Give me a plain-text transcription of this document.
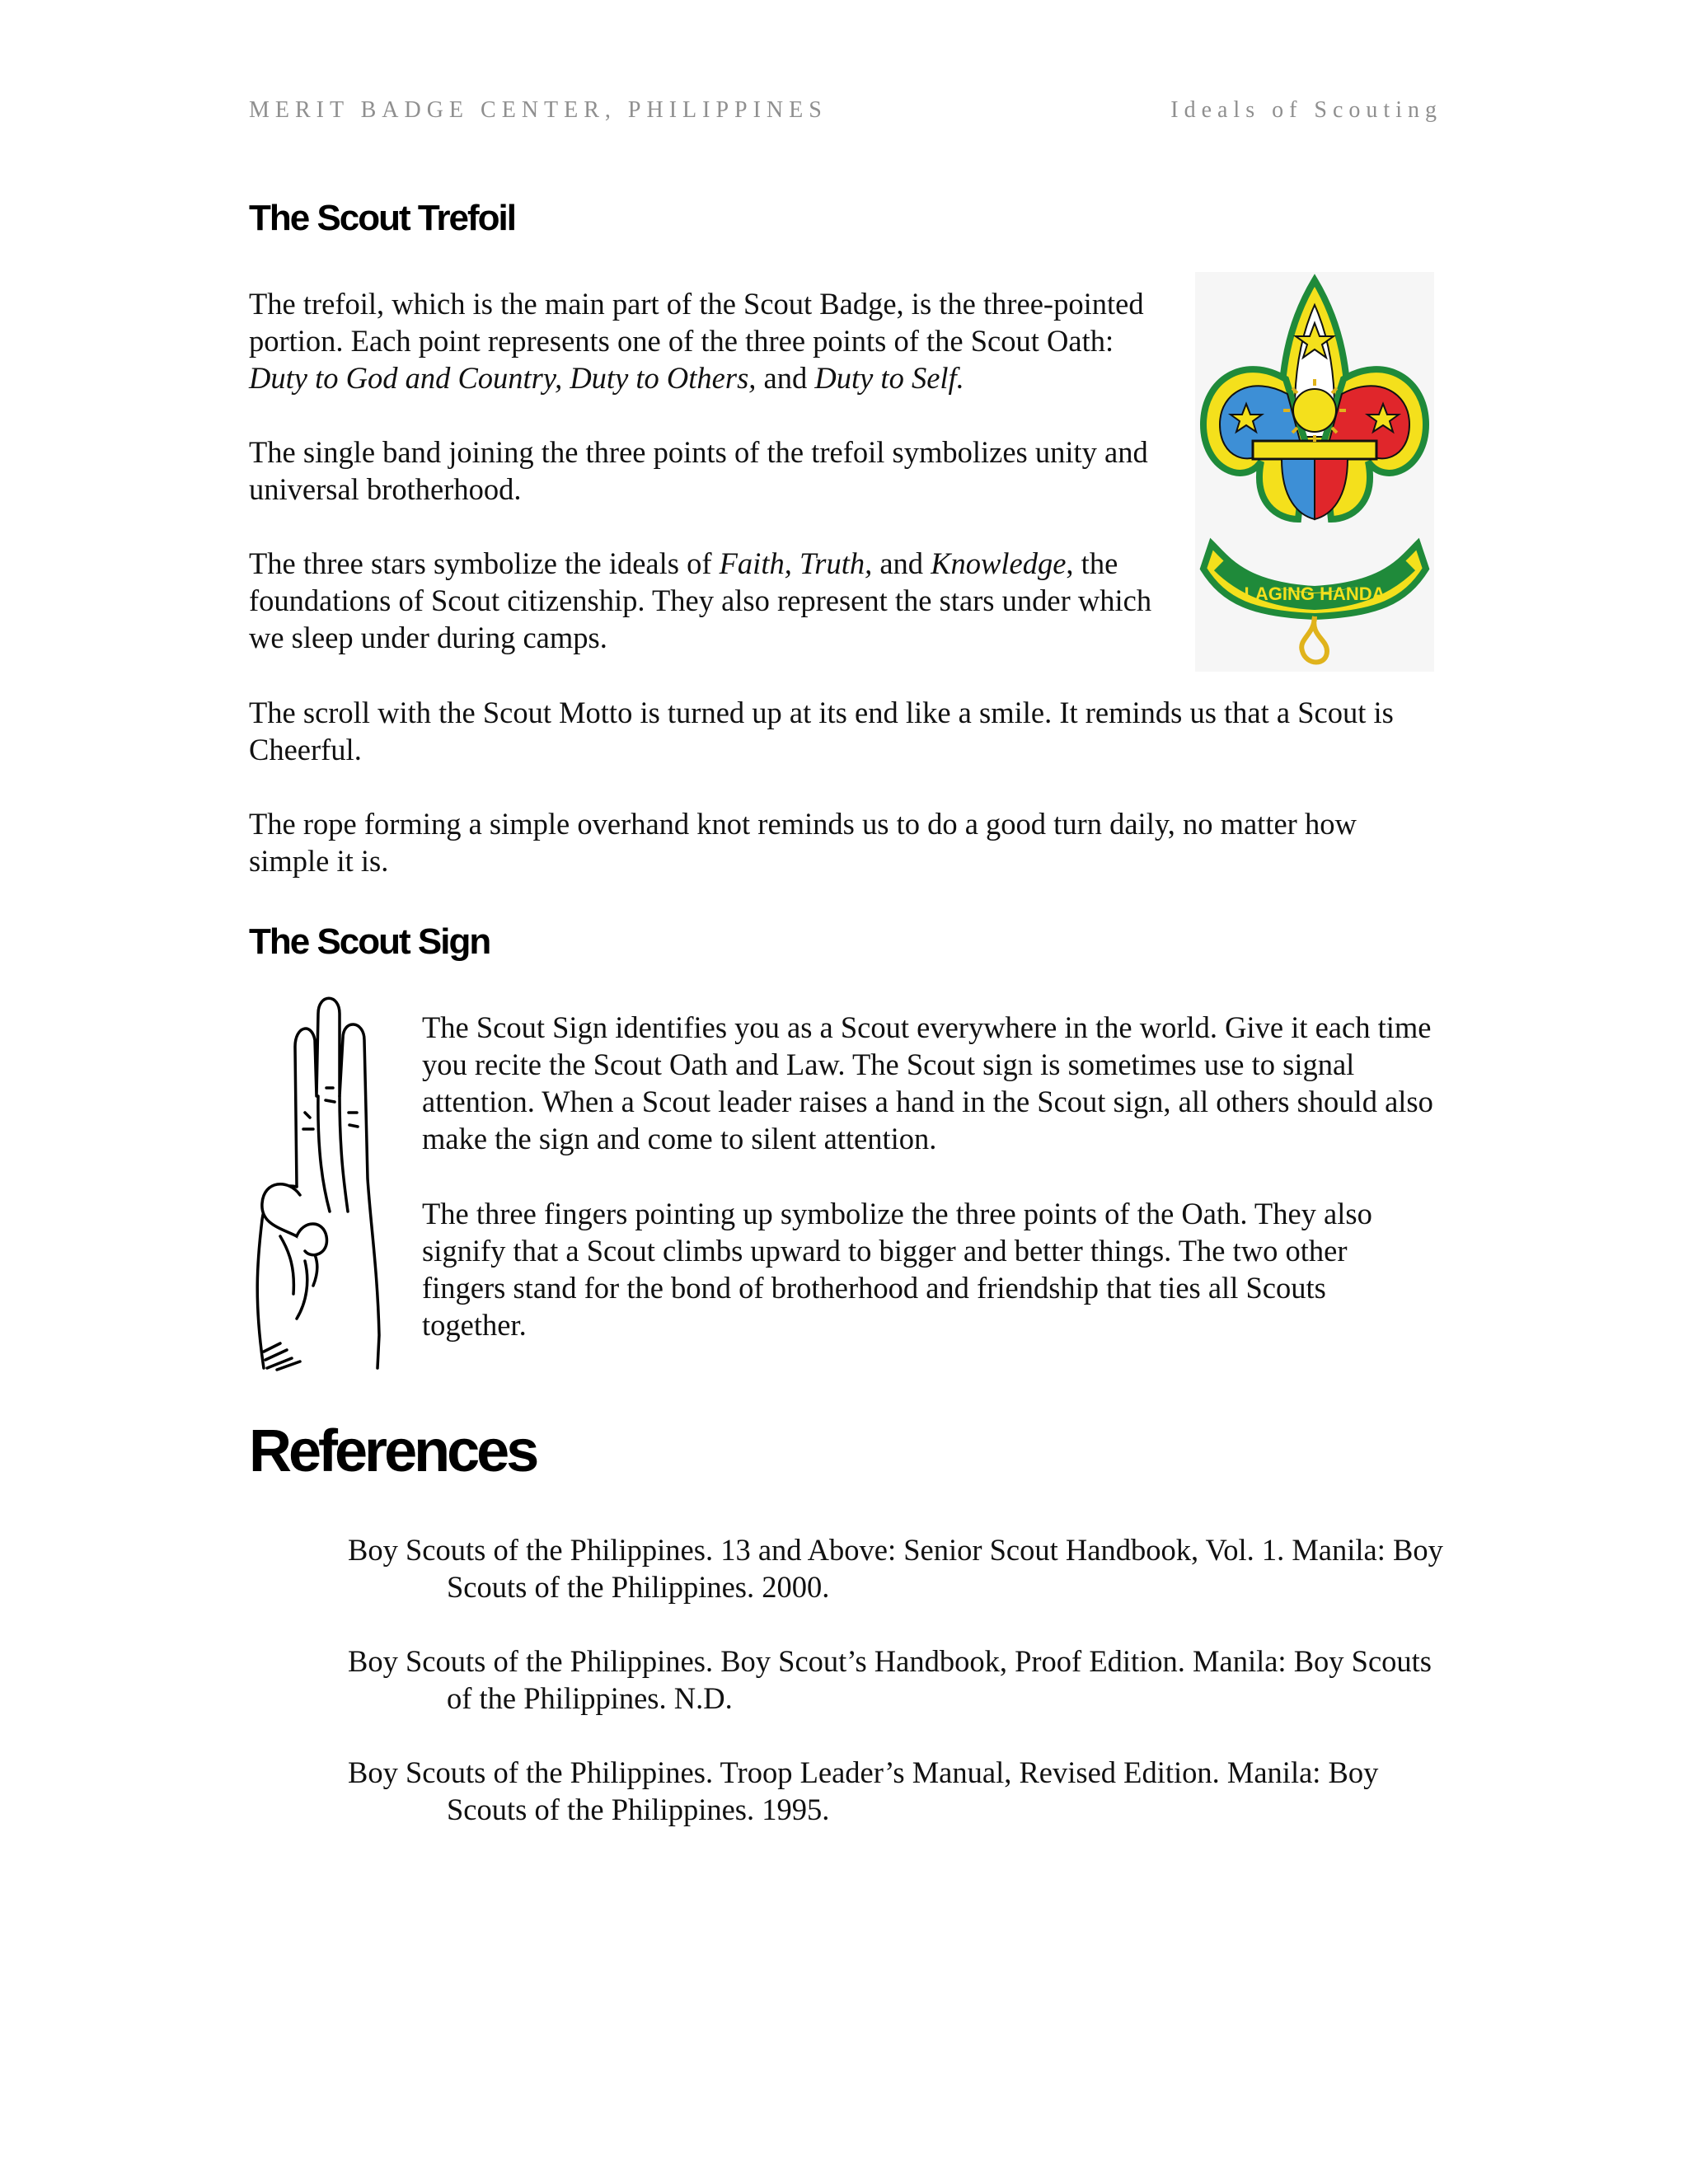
MERIT BADGE CENTER, PHILIPPINES	Ideals of Scouting
The Scout Trefoil

The trefoil, which is the main part of the Scout Badge, is the three-pointed portion. Each point represents one of the three points of the Scout Oath: Duty to God and Country, Duty to Others, and Duty to Self.

The single band joining the three points of the trefoil symbolizes unity and universal brotherhood.

The three stars symbolize the ideals of Faith, Truth, and Knowledge, the foundations of Scout citizenship. They also represent the stars under which we sleep under during camps.

The scroll with the Scout Motto is turned up at its end like a smile. It reminds us that a Scout is Cheerful.

The rope forming a simple overhand knot reminds us to do a good turn daily, no matter how simple it is.

LAGING HANDA
The Scout Sign

The Scout Sign identifies you as a Scout everywhere in the world. Give it each time you recite the Scout Oath and Law. The Scout sign is sometimes use to signal attention. When a Scout leader raises a hand in the Scout sign, all others should also make the sign and come to silent attention.

The three fingers pointing up symbolize the three points of the Oath. They also signify that a Scout climbs upward to bigger and better things. The two other fingers stand for the bond of brotherhood and friendship that ties all Scouts together.

References

Boy Scouts of the Philippines. 13 and Above: Senior Scout Handbook, Vol. 1. Manila: Boy Scouts of the Philippines. 2000.

Boy Scouts of the Philippines. Boy Scout’s Handbook, Proof Edition. Manila: Boy Scouts of the Philippines. N.D.

Boy Scouts of the Philippines. Troop Leader’s Manual, Revised Edition. Manila: Boy Scouts of the Philippines. 1995.
